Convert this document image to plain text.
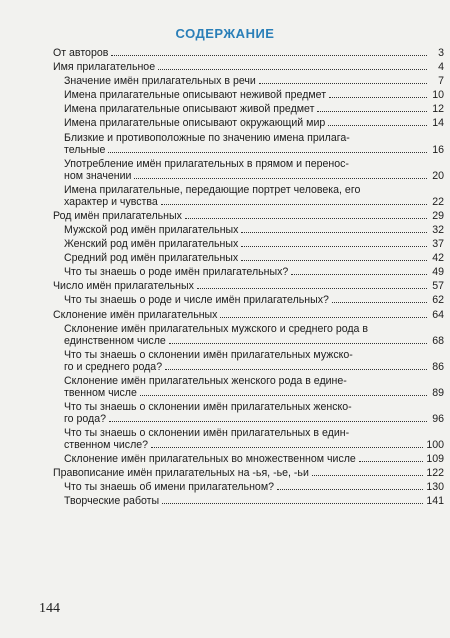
СОДЕРЖАНИЕ
От авторов	3
Имя прилагательное	4
Значение имён прилагательных в речи	7
Имена прилагательные описывают неживой предмет	10
Имена прилагательные описывают живой предмет	12
Имена прилагательные описывают окружающий мир	14
Близкие и противоположные по значению имена прилага-
тельные	16
Употребление имён прилагательных в прямом и перенос-
ном значении	20
Имена прилагательные, передающие портрет человека, его
характер и чувства	22
Род имён прилагательных	29
Мужской род имён прилагательных	32
Женский род имён прилагательных	37
Средний род имён прилагательных	42
Что ты знаешь о роде имён прилагательных?	49
Число имён прилагательных	57
Что ты знаешь о роде и числе имён прилагательных?	62
Склонение имён прилагательных	64
Склонение имён прилагательных мужского и среднего рода в
единственном числе	68
Что ты знаешь о склонении имён прилагательных мужско-
го и среднего рода?	86
Склонение имён прилагательных женского рода в едине-
твенном числе	89
Что ты знаешь о склонении имён прилагательных женско-
го рода?	96
Что ты знаешь о склонении имён прилагательных в един-
ственном числе?	100
Склонение имён прилагательных во множественном числе	109
Правописание имён прилагательных на -ья, -ье, -ьи	122
Что ты знаешь об имени прилагательном?	130
Творческие работы	141
144
